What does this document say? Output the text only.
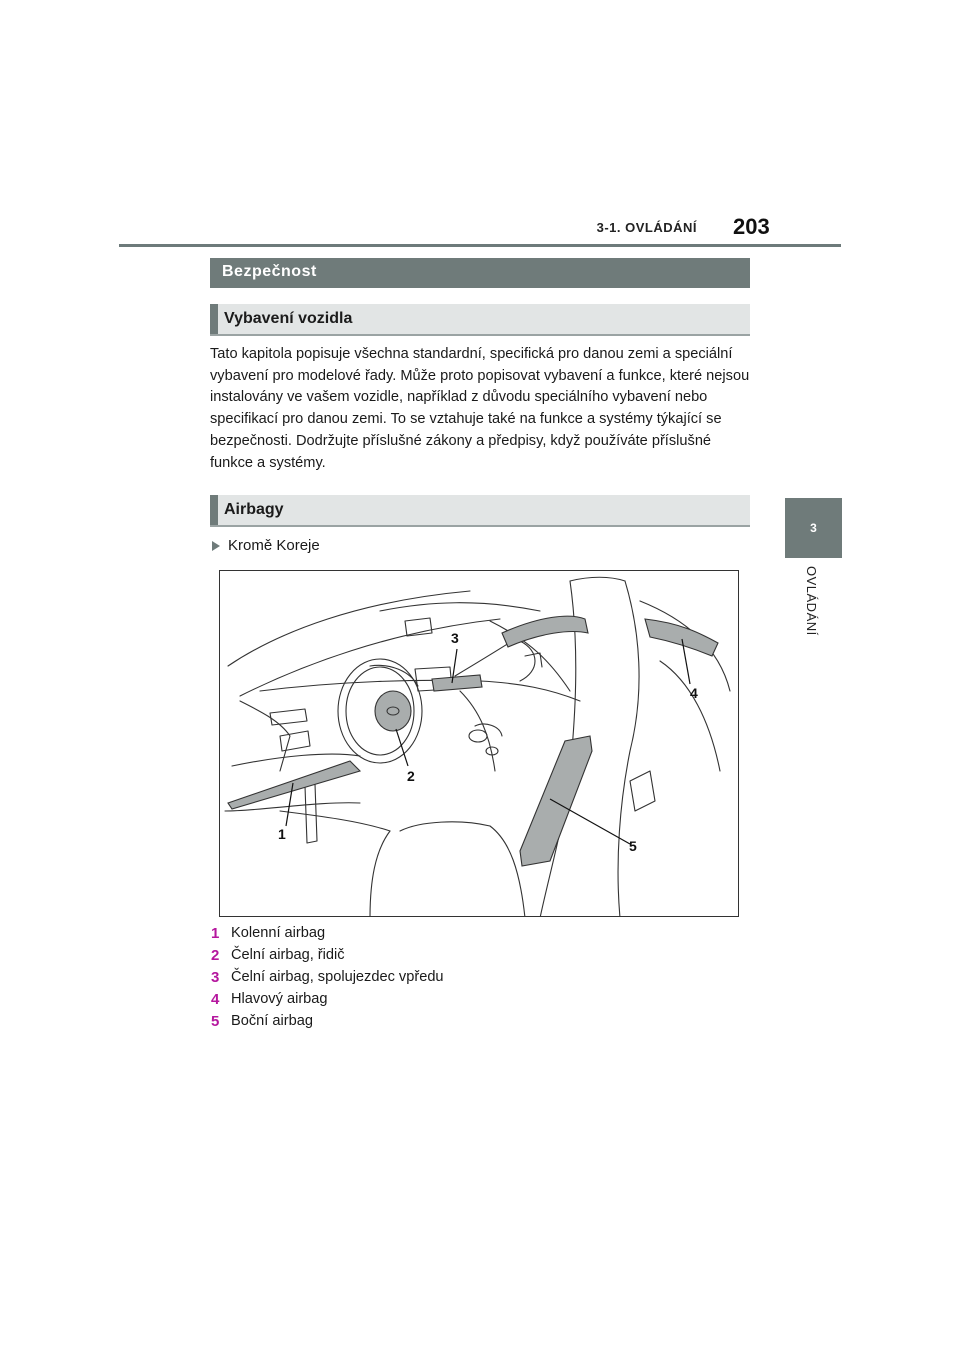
3-1. OVLÁDÁNÍ 203
3
OVLÁDÁNÍ
Bezpečnost
Vybavení vozidla
Tato kapitola popisuje všechna standardní, specifická pro danou zemi a speciální vybavení pro modelové řady. Může proto popisovat vybavení a funkce, které nejsou instalovány ve vašem vozidle, například z důvodu speciálního vybavení nebo specifikací pro danou zemi. To se vztahuje také na funkce a systémy týkající se bezpečnosti. Dodržujte příslušné zákony a předpisy, když používáte příslušné funkce a systémy.
Airbagy
Kromě Koreje
3
4
2
1
5
1 Kolenní airbag
2 Čelní airbag, řidič
3 Čelní airbag, spolujezdec vpředu
4 Hlavový airbag
5 Boční airbag
